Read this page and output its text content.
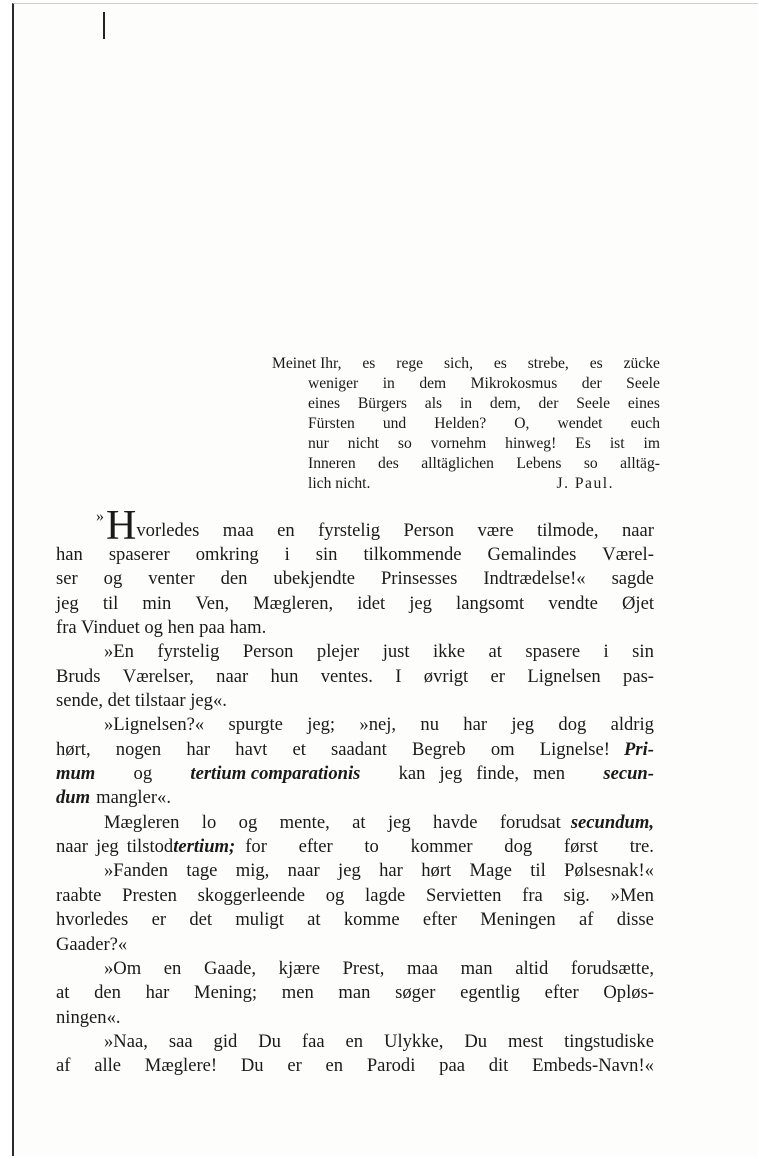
Meinet Ihr, es rege sich, es strebe, es zücke
weniger in dem Mikrokosmus der Seele
eines Bürgers als in dem, der Seele eines
Fürsten und Helden? O, wendet euch
nur nicht so vornehm hinweg! Es ist im
Inneren des alltäglichen Lebens so alltäg-
lich nicht.	J. Paul.
» H vorledes maa en fyrstelig Person være tilmode, naar
han spaserer omkring i sin tilkommende Gemalindes Værel-
ser og venter den ubekjendte Prinsesses Indtrædelse!« sagde
jeg til min Ven, Mægleren, idet jeg langsomt vendte Øjet
fra Vinduet og hen paa ham.
»En fyrstelig Person plejer just ikke at spasere i sin
Bruds Værelser, naar hun ventes. I øvrigt er Lignelsen pas-
sende, det tilstaar jeg«.
»Lignelsen?« spurgte jeg; »nej, nu har jeg dog aldrig
hørt, nogen har havt et saadant Begreb om Lignelse! Pri-
mum og tertium comparationis kan jeg finde, men secun-
dum mangler«.
Mægleren lo og mente, at jeg havde forudsat secundum,
naar jeg tilstod tertium; for efter to kommer dog først tre.
»Fanden tage mig, naar jeg har hørt Mage til Pølsesnak!«
raabte Presten skoggerleende og lagde Servietten fra sig. »Men
hvorledes er det muligt at komme efter Meningen af disse
Gaader?«
»Om en Gaade, kjære Prest, maa man altid forudsætte,
at den har Mening; men man søger egentlig efter Opløs-
ningen«.
»Naa, saa gid Du faa en Ulykke, Du mest tingstudiske
af alle Mæglere! Du er en Parodi paa dit Embeds-Navn!«
